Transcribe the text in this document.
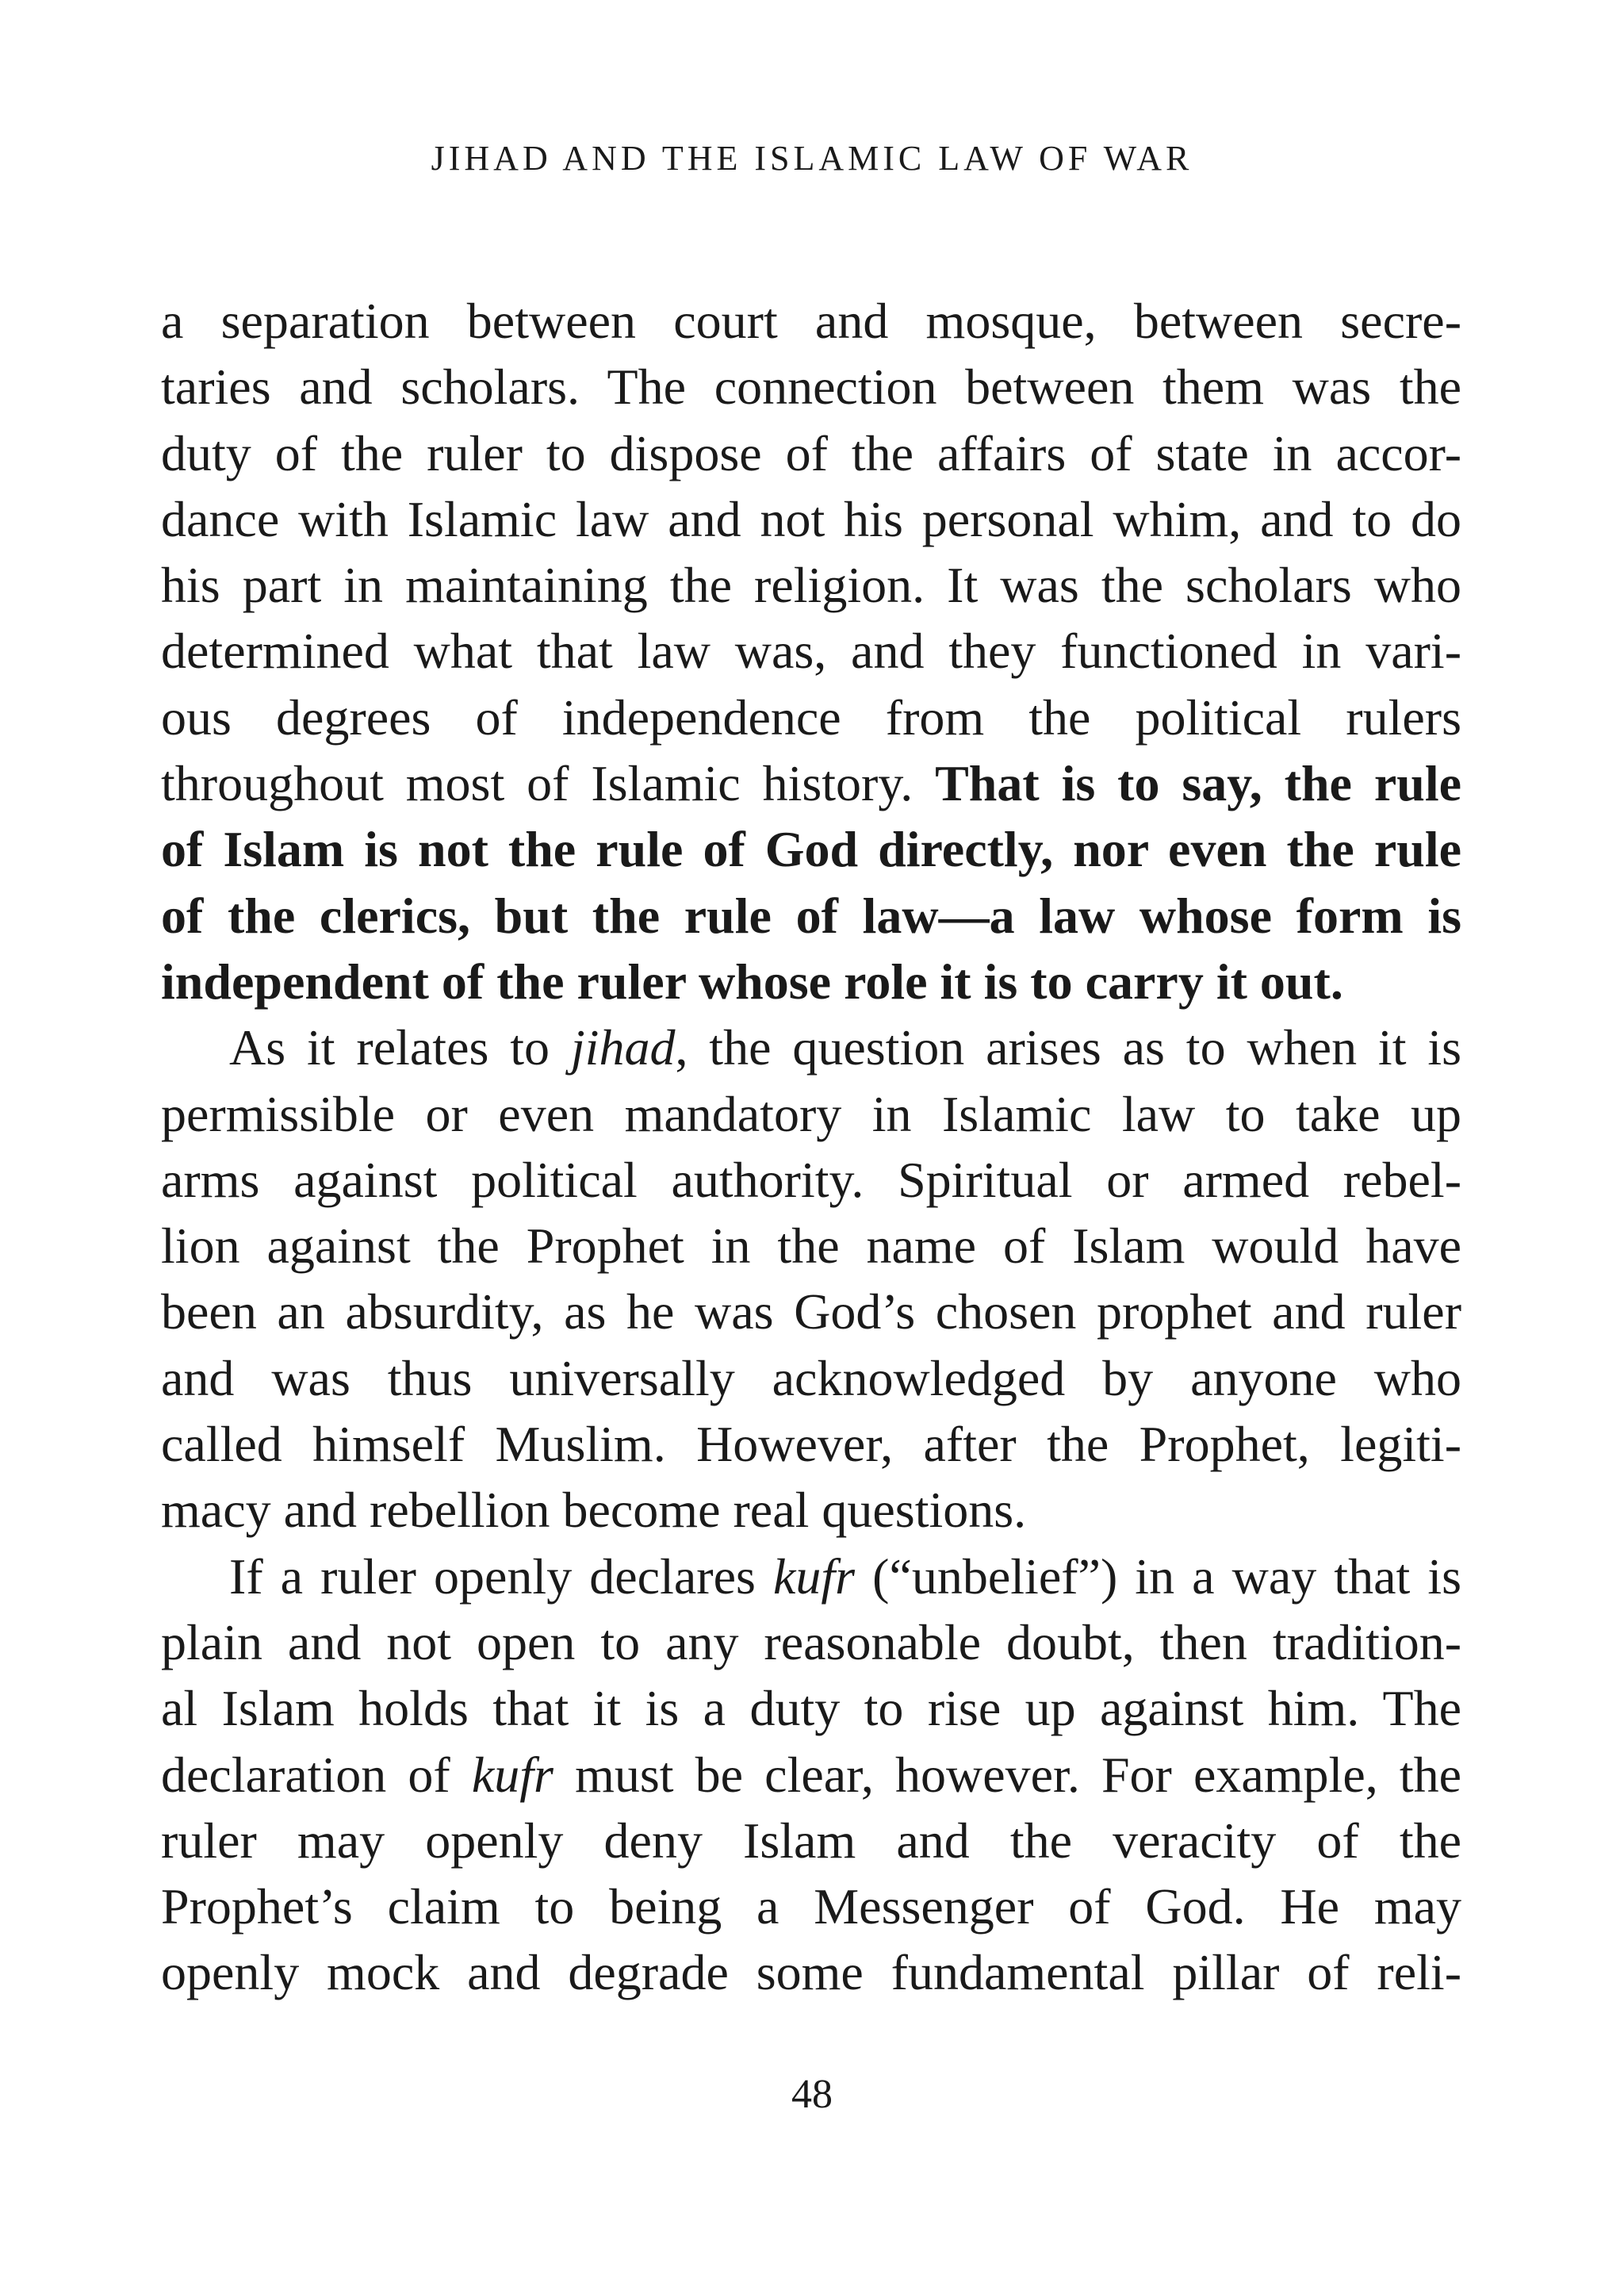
JIHAD AND THE ISLAMIC LAW OF WAR
a separation between court and mosque, between secre-
taries and scholars. The connection between them was the
duty of the ruler to dispose of the affairs of state in accor-
dance with Islamic law and not his personal whim, and to do
his part in maintaining the religion. It was the scholars who
determined what that law was, and they functioned in vari-
ous degrees of independence from the political rulers
throughout most of Islamic history. That is to say, the rule
of Islam is not the rule of God directly, nor even the rule
of the clerics, but the rule of law—a law whose form is
independent of the ruler whose role it is to carry it out.
As it relates to jihad, the question arises as to when it is
permissible or even mandatory in Islamic law to take up
arms against political authority. Spiritual or armed rebel-
lion against the Prophet in the name of Islam would have
been an absurdity, as he was God’s chosen prophet and ruler
and was thus universally acknowledged by anyone who
called himself Muslim. However, after the Prophet, legiti-
macy and rebellion become real questions.
If a ruler openly declares kufr (“unbelief”) in a way that is
plain and not open to any reasonable doubt, then tradition-
al Islam holds that it is a duty to rise up against him. The
declaration of kufr must be clear, however. For example, the
ruler may openly deny Islam and the veracity of the
Prophet’s claim to being a Messenger of God. He may
openly mock and degrade some fundamental pillar of reli-
48
